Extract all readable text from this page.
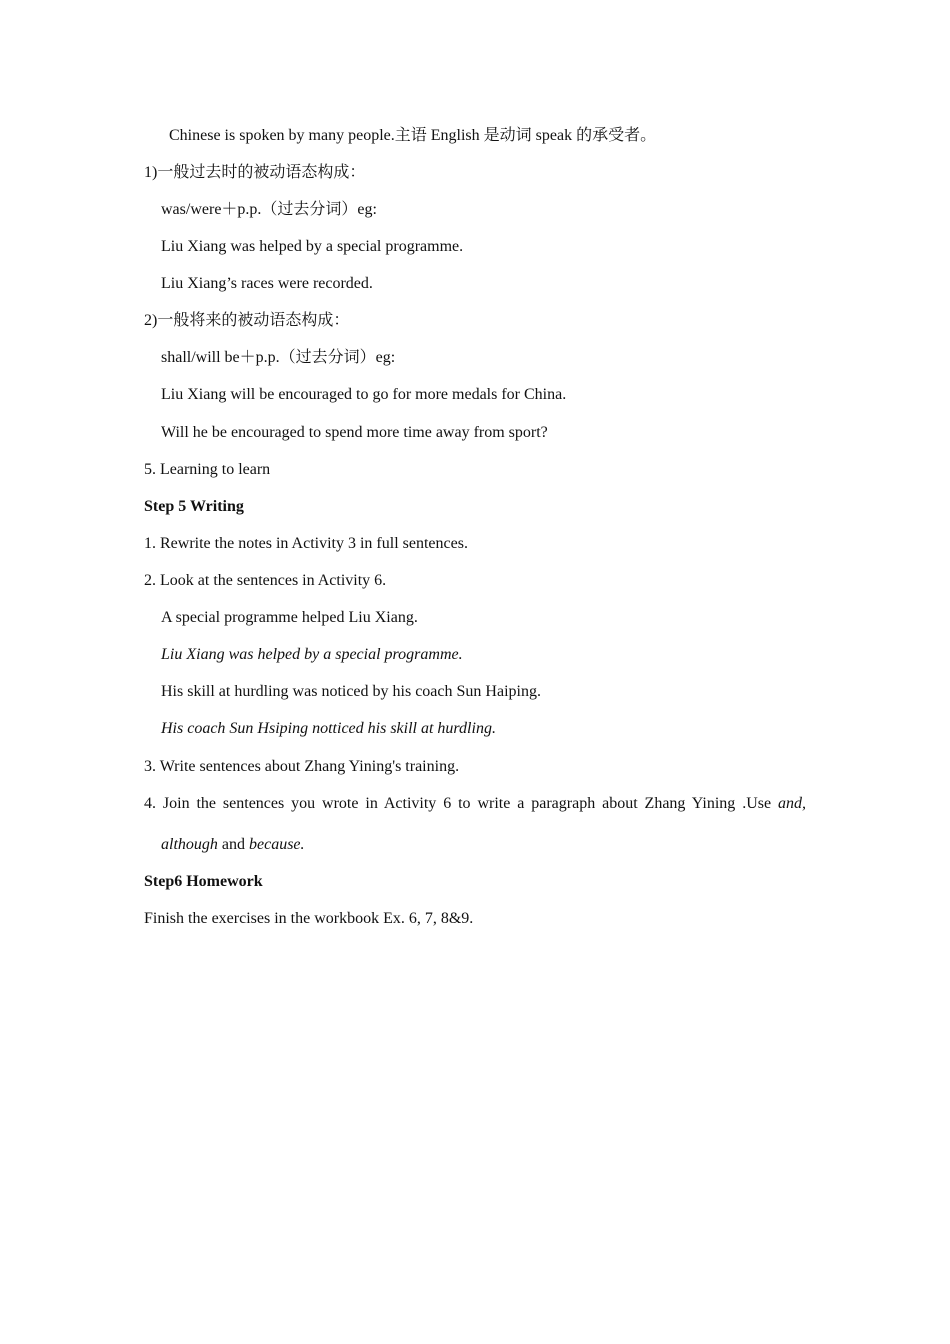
Chinese is spoken by many people.主语 English 是动词 speak 的承受者。
1)一般过去时的被动语态构成：
was/were＋p.p.（过去分词）eg:
Liu Xiang was helped by a special programme.
Liu Xiang’s races were recorded.
2)一般将来的被动语态构成：
shall/will be＋p.p.（过去分词）eg:
Liu Xiang will be encouraged to go for more medals for China.
Will he be encouraged to spend more time away from sport?
5. Learning to learn
Step 5 Writing
1. Rewrite the notes in Activity 3 in full sentences.
2. Look at the sentences in Activity 6.
A special programme helped Liu Xiang.
Liu Xiang was helped by a special programme.
His skill at hurdling was noticed by his coach Sun Haiping.
His coach Sun Hsiping notticed his skill at hurdling.
3. Write sentences about Zhang Yining's training.
4. Join the sentences you wrote in Activity 6 to write a paragraph about Zhang Yining .Use and,
although and because.
Step6 Homework
Finish the exercises in the workbook Ex. 6, 7, 8&9.
